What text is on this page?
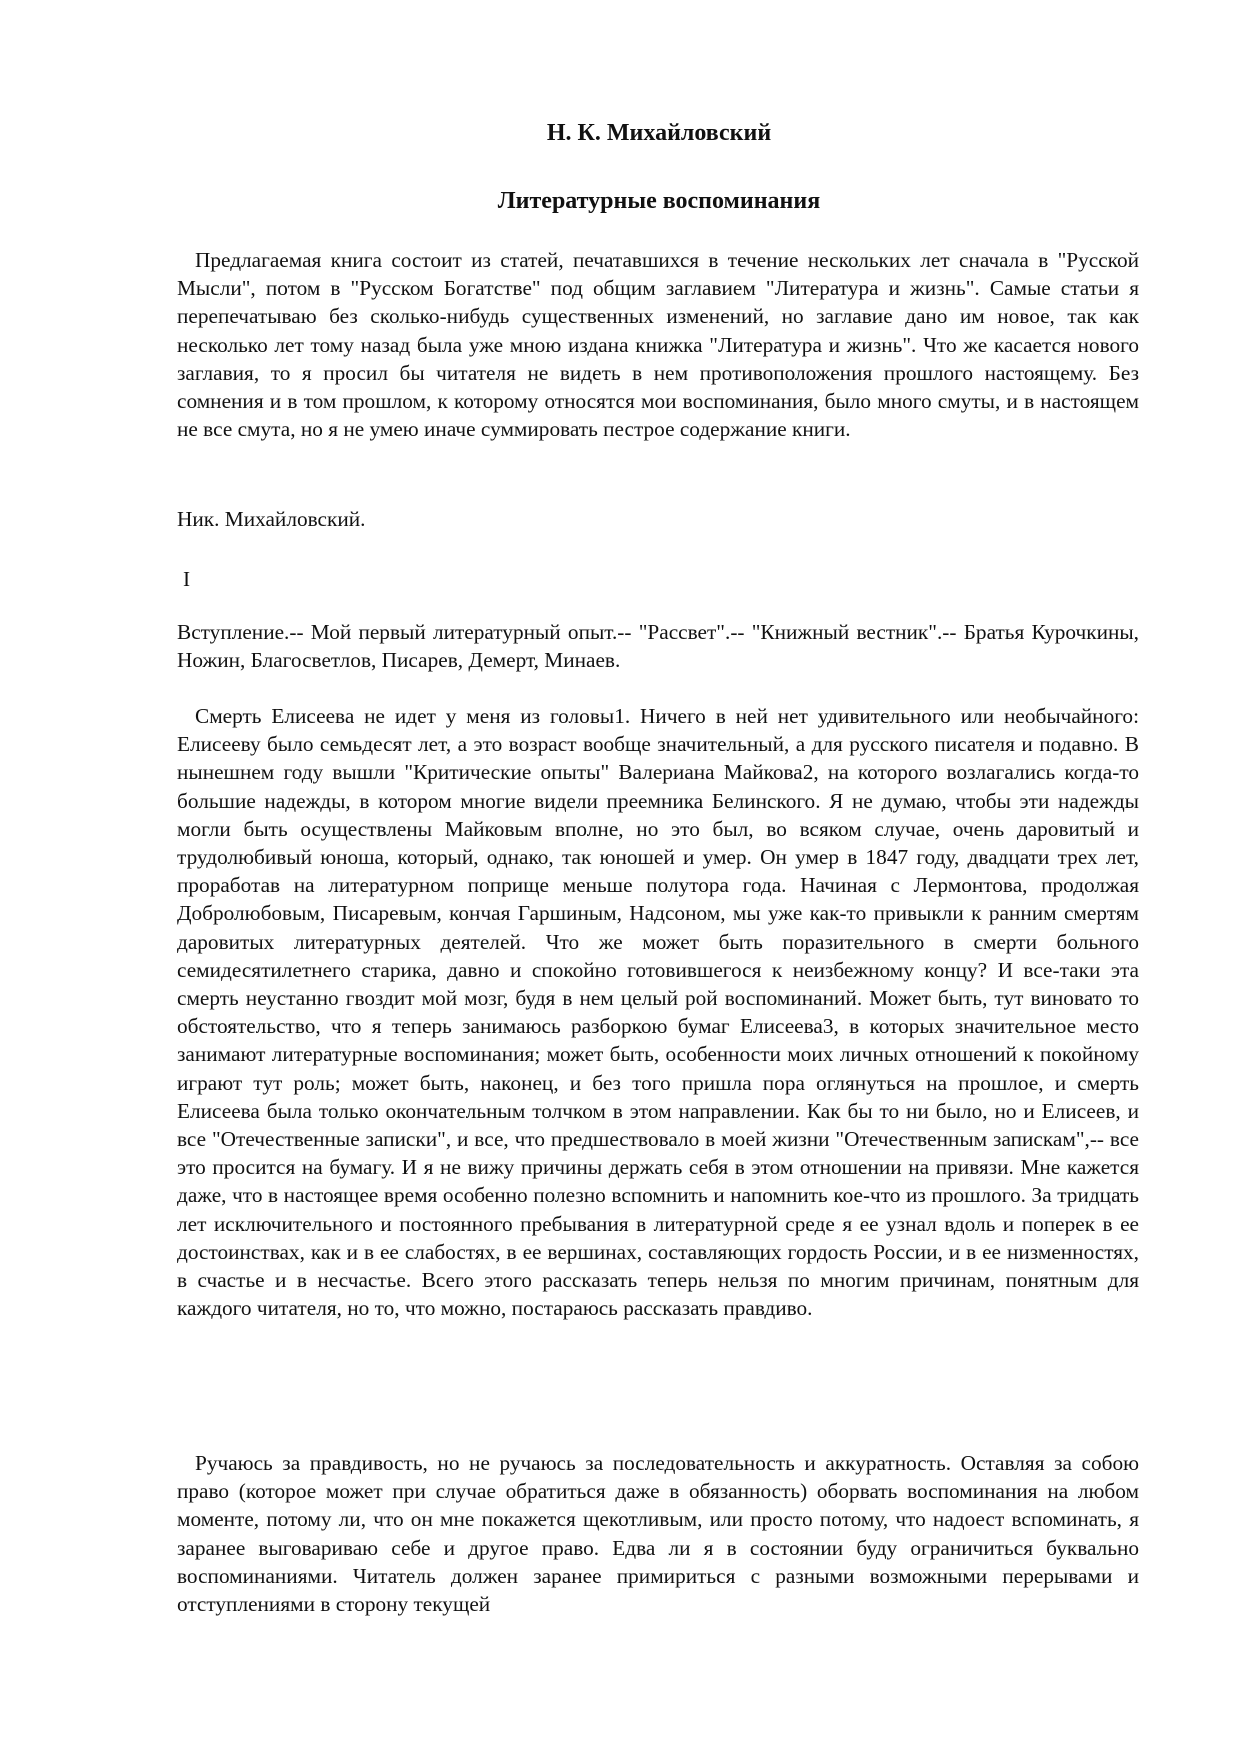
Н. К. Михайловский
Литературные воспоминания

Предлагаемая книга состоит из статей, печатавшихся в течение нескольких лет сначала в "Русской Мысли", потом в "Русском Богатстве" под общим заглавием "Литература и жизнь". Самые статьи я перепечатываю без сколько-нибудь существенных изменений, но заглавие дано им новое, так как несколько лет тому назад была уже мною издана книжка "Литература и жизнь". Что же касается нового заглавия, то я просил бы читателя не видеть в нем противоположения прошлого настоящему. Без сомнения и в том прошлом, к которому относятся мои воспоминания, было много смуты, и в настоящем не все смута, но я не умею иначе суммировать пестрое содержание книги.

Ник. Михайловский.

I

Вступление.-- Мой первый литературный опыт.-- "Рассвет".-- "Книжный вестник".-- Братья Курочкины, Ножин, Благосветлов, Писарев, Демерт, Минаев.

Смерть Елисеева не идет у меня из головы1. Ничего в ней нет удивительного или необычайного: Елисееву было семьдесят лет, а это возраст вообще значительный, а для русского писателя и подавно. В нынешнем году вышли "Критические опыты" Валериана Майкова2, на которого возлагались когда-то большие надежды, в котором многие видели преемника Белинского. Я не думаю, чтобы эти надежды могли быть осуществлены Майковым вполне, но это был, во всяком случае, очень даровитый и трудолюбивый юноша, который, однако, так юношей и умер. Он умер в 1847 году, двадцати трех лет, проработав на литературном поприще меньше полутора года. Начиная с Лермонтова, продолжая Добролюбовым, Писаревым, кончая Гаршиным, Надсоном, мы уже как-то привыкли к ранним смертям даровитых литературных деятелей. Что же может быть поразительного в смерти больного семидесятилетнего старика, давно и спокойно готовившегося к неизбежному концу? И все-таки эта смерть неустанно гвоздит мой мозг, будя в нем целый рой воспоминаний. Может быть, тут виновато то обстоятельство, что я теперь занимаюсь разборкою бумаг Елисеева3, в которых значительное место занимают литературные воспоминания; может быть, особенности моих личных отношений к покойному играют тут роль; может быть, наконец, и без того пришла пора оглянуться на прошлое, и смерть Елисеева была только окончательным толчком в этом направлении. Как бы то ни было, но и Елисеев, и все "Отечественные записки", и все, что предшествовало в моей жизни "Отечественным запискам",-- все это просится на бумагу. И я не вижу причины держать себя в этом отношении на привязи. Мне кажется даже, что в настоящее время особенно полезно вспомнить и напомнить кое-что из прошлого. За тридцать лет исключительного и постоянного пребывания в литературной среде я ее узнал вдоль и поперек в ее достоинствах, как и в ее слабостях, в ее вершинах, составляющих гордость России, и в ее низменностях, в счастье и в несчастье. Всего этого рассказать теперь нельзя по многим причинам, понятным для каждого читателя, но то, что можно, постараюсь рассказать правдиво.

Ручаюсь за правдивость, но не ручаюсь за последовательность и аккуратность. Оставляя за собою право (которое может при случае обратиться даже в обязанность) оборвать воспоминания на любом моменте, потому ли, что он мне покажется щекотливым, или просто потому, что надоест вспоминать, я заранее выговариваю себе и другое право. Едва ли я в состоянии буду ограничиться буквально воспоминаниями. Читатель должен заранее примириться с разными возможными перерывами и отступлениями в сторону текущей
